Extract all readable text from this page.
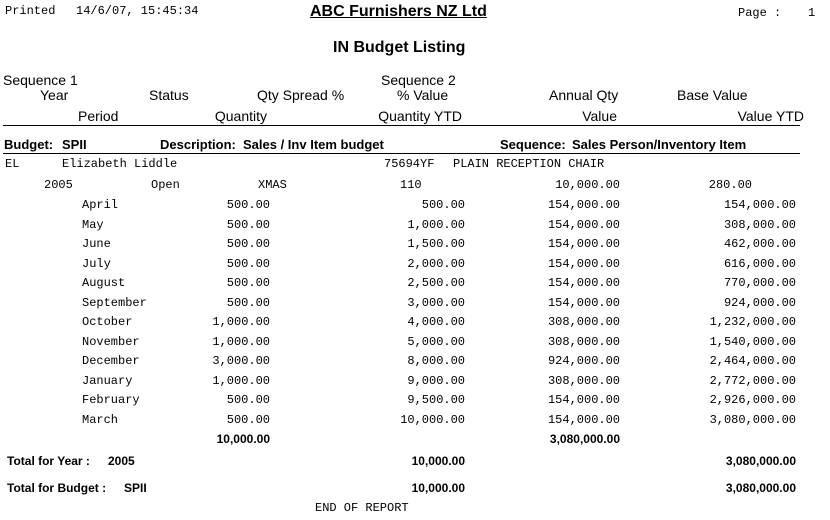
Printed 14/6/07, 15:45:34	ABC Furnishers NZ Ltd	Page : 1
IN Budget Listing
Sequence 1	Sequence 2
Year	Status	Qty Spread %	% Value	Annual Qty	Base Value
Period	Quantity	Quantity YTD	Value	Value YTD
Budget: SPII	Description: Sales / Inv Item budget	Sequence: Sales Person/Inventory Item
EL	Elizabeth Liddle	75694YF PLAIN RECEPTION CHAIR
2005	Open	XMAS	110	10,000.00	280.00
April	500.00	500.00	154,000.00	154,000.00
May	500.00	1,000.00	154,000.00	308,000.00
June	500.00	1,500.00	154,000.00	462,000.00
July	500.00	2,000.00	154,000.00	616,000.00
August	500.00	2,500.00	154,000.00	770,000.00
September	500.00	3,000.00	154,000.00	924,000.00
October	1,000.00	4,000.00	308,000.00	1,232,000.00
November	1,000.00	5,000.00	308,000.00	1,540,000.00
December	3,000.00	8,000.00	924,000.00	2,464,000.00
January	1,000.00	9,000.00	308,000.00	2,772,000.00
February	500.00	9,500.00	154,000.00	2,926,000.00
March	500.00	10,000.00	154,000.00	3,080,000.00
10,000.00	3,080,000.00
Total for Year : 2005	10,000.00	3,080,000.00
Total for Budget : SPII	10,000.00	3,080,000.00
END OF REPORT
